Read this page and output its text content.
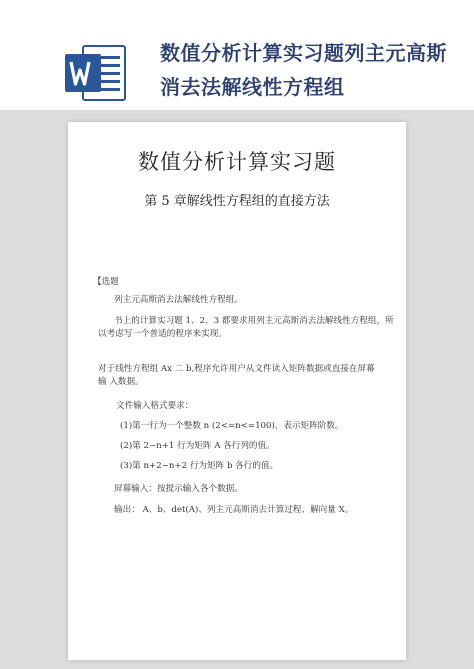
数值分析计算实习题列主元高斯消去法解线性方程组
数值分析计算实习题
第 5 章解线性方程组的直接方法
【选题
列主元高斯消去法解线性方程组。
书上的计算实习题 1、2、3 都要求用列主元高斯消去法解线性方程组，所
以考虑写一个普适的程序来实现。
对于线性方程组 Ax 二 b,程序允许用户从文件读入矩阵数据或直接在屏幕
输 入数据。
文件输入格式要求：
(1)第一行为一个整数 n (2<=n<=100)，表示矩阵阶数。
(2)第 2~n+1 行为矩阵 A 各行列的值。
(3)第 n+2~n+2 行为矩阵 b 各行的值。
屏幕输入：按提示输入各个数据。
输出： A、b、det(A)、列主元高斯消去计算过程、解向量 X。
